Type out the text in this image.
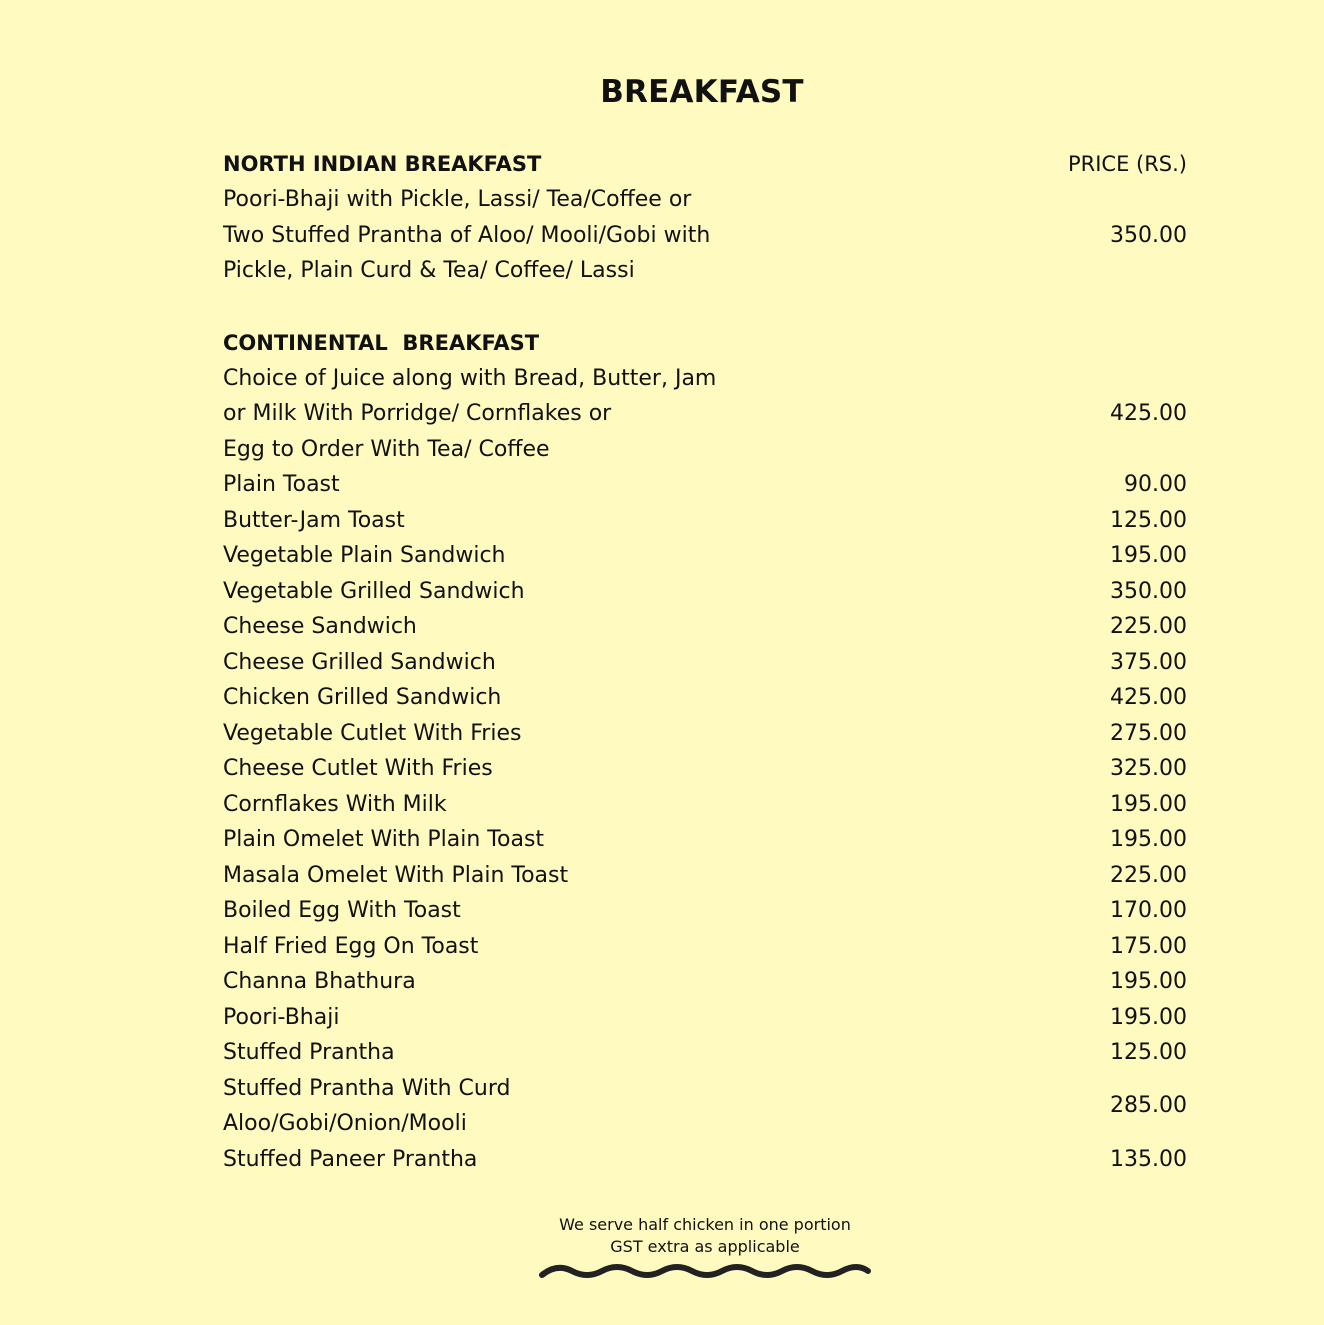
BREAKFAST
NORTH INDIAN BREAKFAST	PRICE (RS.)
Poori-Bhaji with Pickle, Lassi/ Tea/Coffee or
Two Stuffed Prantha of Aloo/ Mooli/Gobi with
Pickle, Plain Curd & Tea/ Coffee/ Lassi
350.00
CONTINENTAL  BREAKFAST
Choice of Juice along with Bread, Butter, Jam
or Milk With Porridge/ Cornflakes or
Egg to Order With Tea/ Coffee
425.00
Plain Toast	90.00
Butter-Jam Toast	125.00
Vegetable Plain Sandwich	195.00
Vegetable Grilled Sandwich	350.00
Cheese Sandwich	225.00
Cheese Grilled Sandwich	375.00
Chicken Grilled Sandwich	425.00
Vegetable Cutlet With Fries	275.00
Cheese Cutlet With Fries	325.00
Cornflakes With Milk	195.00
Plain Omelet With Plain Toast	195.00
Masala Omelet With Plain Toast	225.00
Boiled Egg With Toast	170.00
Half Fried Egg On Toast	175.00
Channa Bhathura	195.00
Poori-Bhaji	195.00
Stuffed Prantha	125.00
Stuffed Prantha With Curd
Aloo/Gobi/Onion/Mooli
285.00
Stuffed Paneer Prantha	135.00
We serve half chicken in one portion
GST extra as applicable
